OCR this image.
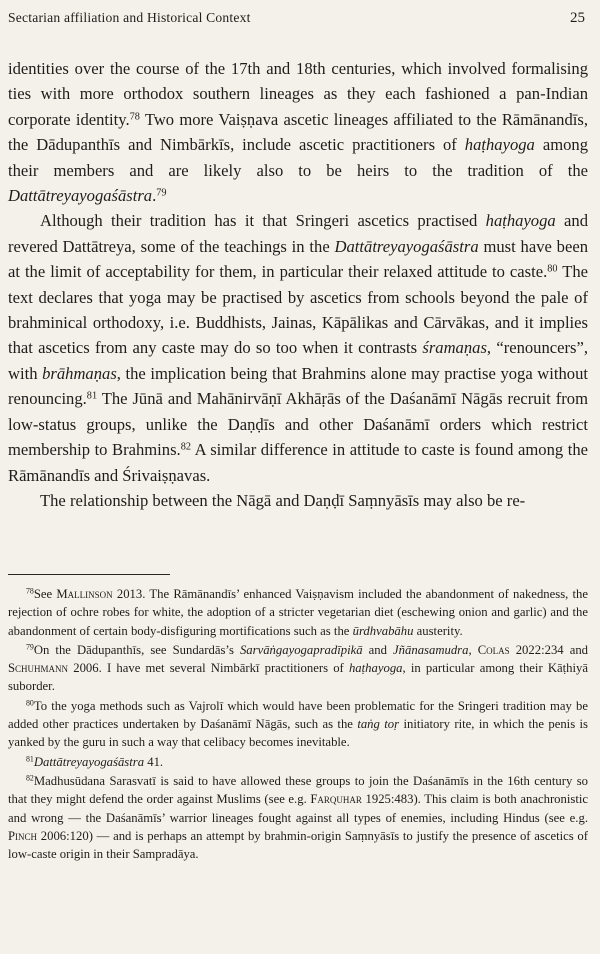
Sectarian affiliation and Historical Context	25

identities over the course of the 17th and 18th centuries, which involved formalising ties with more orthodox southern lineages as they each fashioned a pan-Indian corporate identity.$^{78}$ Two more Vaiṣṇava ascetic lineages affiliated to the Rāmānandīs, the Dādupanthīs and Nimbārkīs, include ascetic practitioners of haṭhayoga among their members and are likely also to be heirs to the tradition of the Dattātreyayogaśāstra.$^{79}$

Although their tradition has it that Sringeri ascetics practised haṭhayoga and revered Dattātreya, some of the teachings in the Dattātreyayogaśāstra must have been at the limit of acceptability for them, in particular their relaxed attitude to caste.$^{80}$ The text declares that yoga may be practised by ascetics from schools beyond the pale of brahminical orthodoxy, i.e. Buddhists, Jainas, Kāpālikas and Cārvākas, and it implies that ascetics from any caste may do so too when it contrasts śramaṇas, “renouncers”, with brāhmaṇas, the implication being that Brahmins alone may practise yoga without renouncing.$^{81}$ The Jūnā and Mahānirvāṇī Akhāṛās of the Daśanāmī Nāgās recruit from low-status groups, unlike the Daṇḍīs and other Daśanāmī orders which restrict membership to Brahmins.$^{82}$ A similar difference in attitude to caste is found among the Rāmānandīs and Śrivaiṣṇavas.

The relationship between the Nāgā and Daṇḍī Saṃnyāsīs may also be re-

$^{78}$See Mallinson 2013. The Rāmānandīs’ enhanced Vaiṣṇavism included the abandonment of nakedness, the rejection of ochre robes for white, the adoption of a stricter vegetarian diet (eschewing onion and garlic) and the abandonment of certain body-disfiguring mortifications such as the ūrdhvabāhu austerity.

$^{79}$On the Dādupanthīs, see Sundardās’s Sarvāṅgayogapradīpikā and Jñānasamudra, Colas 2022:234 and Schuhmann 2006. I have met several Nimbārkī practitioners of haṭhayoga, in particular among their Kāṭhiyā suborder.

$^{80}$To the yoga methods such as Vajrolī which would have been problematic for the Sringeri tradition may be added other practices undertaken by Daśanāmī Nāgās, such as the taṅg toṛ initiatory rite, in which the penis is yanked by the guru in such a way that celibacy becomes inevitable.

$^{81}$Dattātreyayogaśāstra 41.

$^{82}$Madhusūdana Sarasvatī is said to have allowed these groups to join the Daśanāmīs in the 16th century so that they might defend the order against Muslims (see e.g. Farquhar 1925:483). This claim is both anachronistic and wrong — the Daśanāmīs’ warrior lineages fought against all types of enemies, including Hindus (see e.g. Pinch 2006:120) — and is perhaps an attempt by brahmin-origin Saṃnyāsīs to justify the presence of ascetics of low-caste origin in their Sampradāya.
